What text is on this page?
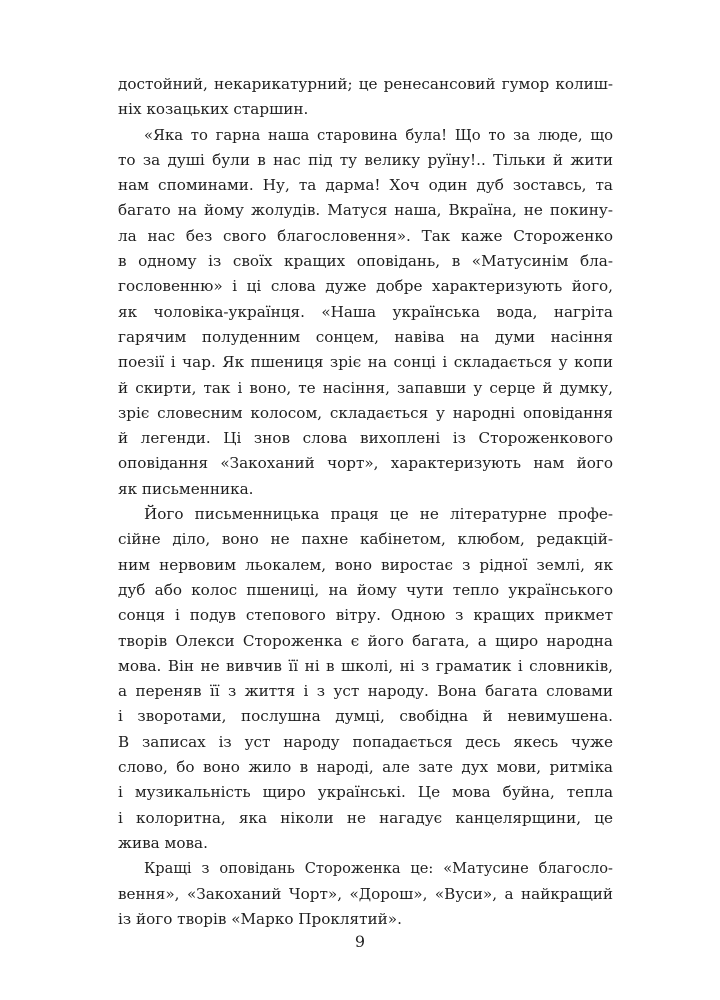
достойний, некарикатурний; це ренесансовий гумор колиш-
ніх козацьких старшин.
«Яка то гарна наша старовина була! Що то за люде, що
то за душі були в нас під ту велику руїну!.. Тільки й жити
нам споминами. Ну, та дарма! Хоч один дуб зоставсь, та
багато на йому жолудів. Матуся наша, Вкраїна, не покину-
ла нас без свого благословення». Так каже Стороженко
в одному із своїх кращих оповідань, в «Матусинім бла-
гословенню» і ці слова дуже добре характеризують його,
як чоловіка-українця. «Наша українська вода, нагріта
гарячим полуденним сонцем, навіва на думи насіння
поезії і чар. Як пшениця зріє на сонці і складається у копи
й скирти, так і воно, те насіння, запавши у серце й думку,
зріє словесним колосом, складається у народні оповідання
й легенди. Ці знов слова вихоплені із Стороженкового
оповідання «Закоханий чорт», характеризують нам його
як письменника.
Його письменницька праця це не літературне профе-
сійне діло, воно не пахне кабінетом, клюбом, редакцій-
ним нервовим льокалем, воно виростає з рідної землі, як
дуб або колос пшениці, на йому чути тепло українського
сонця і подув степового вітру. Одною з кращих прикмет
творів Олекси Стороженка є його багата, а щиро народна
мова. Він не вивчив її ні в школі, ні з граматик і словників,
а переняв її з життя і з уст народу. Вона багата словами
і зворотами, послушна думці, свобідна й невимушена.
В записах із уст народу попадається десь якесь чуже
слово, бо воно жило в народі, але зате дух мови, ритміка
і музикальність щиро українські. Це мова буйна, тепла
і колоритна, яка ніколи не нагадує канцелярщини, це
жива мова.
Кращі з оповідань Стороженка це: «Матусине благосло-
вення», «Закоханий Чорт», «Дорош», «Вуси», а найкращий
із його творів «Марко Проклятий».
9
